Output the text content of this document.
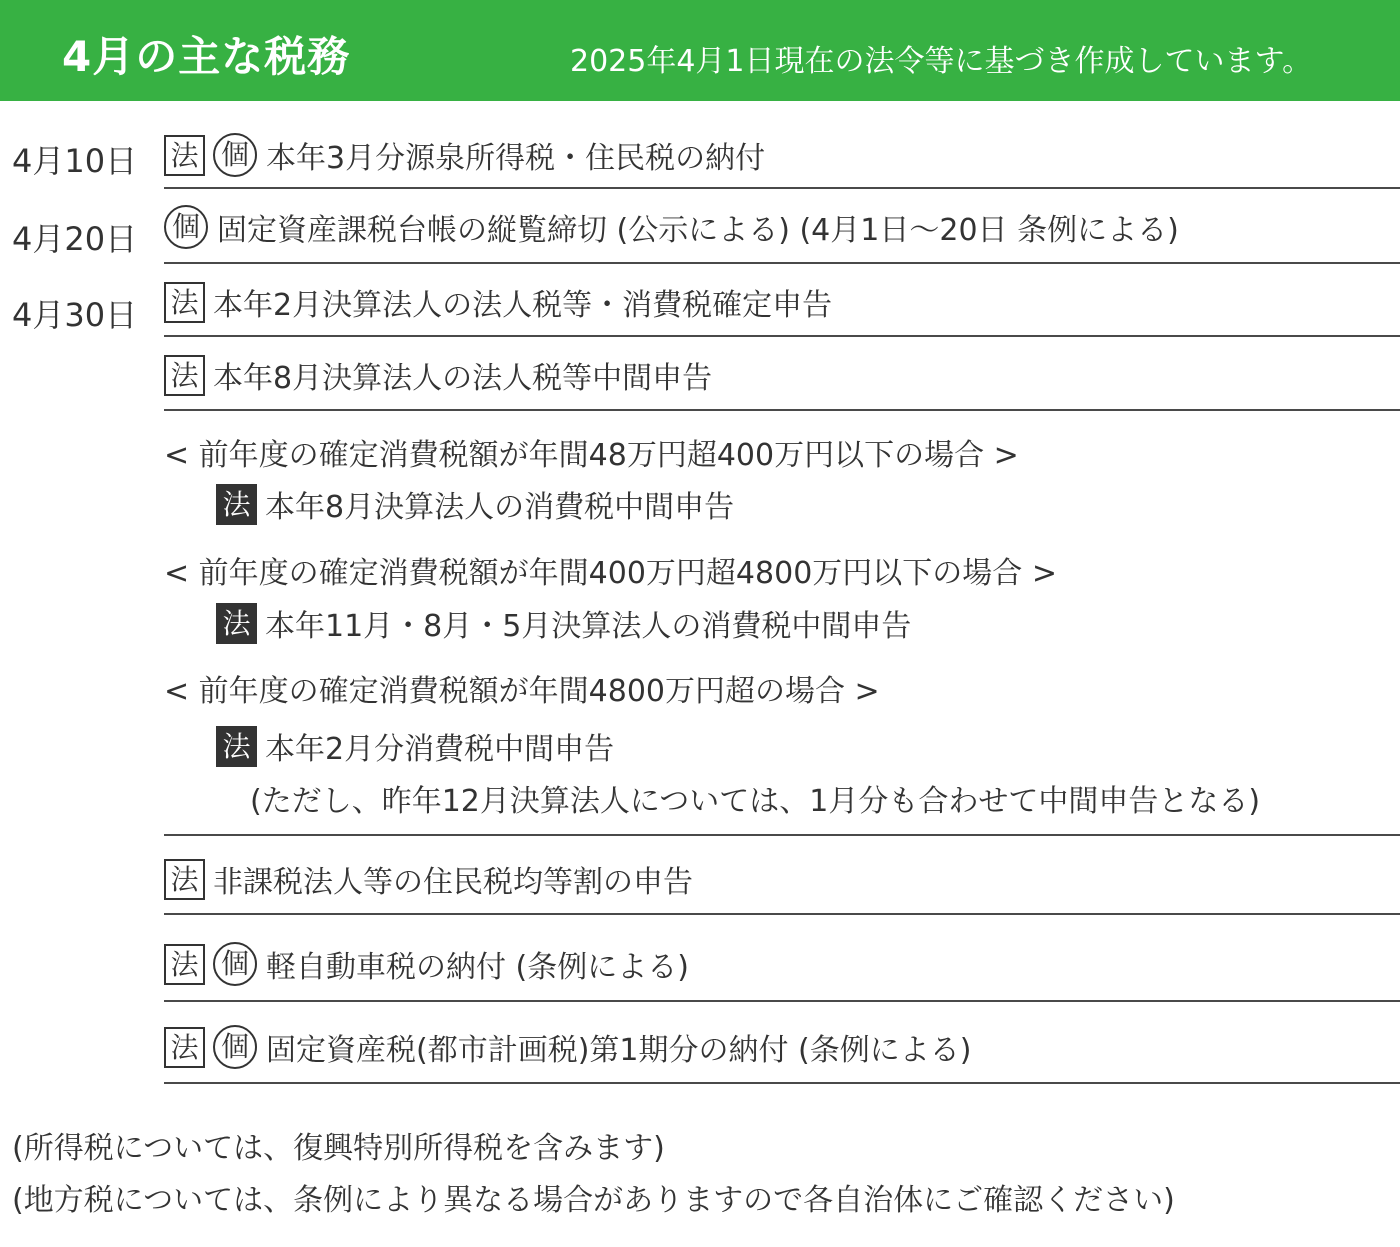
4月の主な税務	2025年4月1日現在の法令等に基づき作成しています。
4月10日
4月20日
4月30日
法 個 本年3月分源泉所得税・住民税の納付
個 固定資産課税台帳の縦覧締切 (公示による) (4月1日～20日 条例による)
法 本年2月決算法人の法人税等・消費税確定申告
法 本年8月決算法人の法人税等中間申告
< 前年度の確定消費税額が年間48万円超400万円以下の場合 >
法 本年8月決算法人の消費税中間申告
< 前年度の確定消費税額が年間400万円超4800万円以下の場合 >
法 本年11月・8月・5月決算法人の消費税中間申告
< 前年度の確定消費税額が年間4800万円超の場合 >
法 本年2月分消費税中間申告
(ただし、昨年12月決算法人については、1月分も合わせて中間申告となる)
法 非課税法人等の住民税均等割の申告
法 個 軽自動車税の納付 (条例による)
法 個 固定資産税(都市計画税)第1期分の納付 (条例による)
(所得税については、復興特別所得税を含みます)
(地方税については、条例により異なる場合がありますので各自治体にご確認ください)
